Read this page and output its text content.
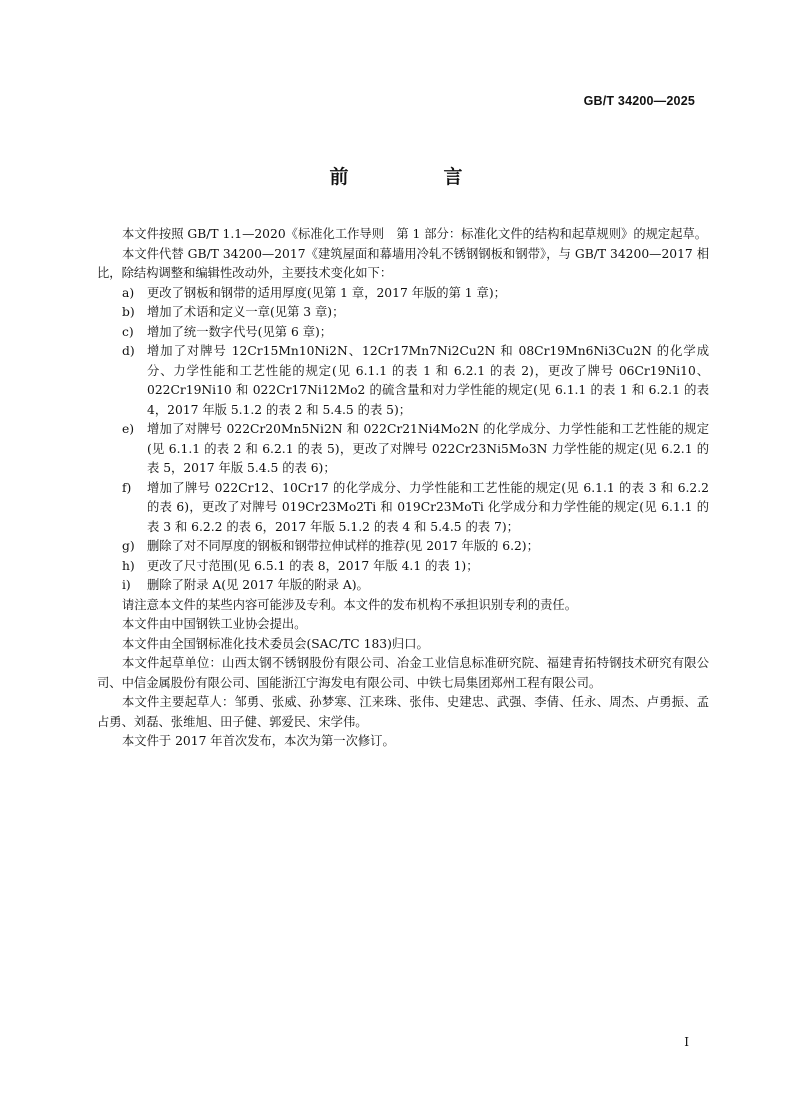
GB/T 34200—2025
前　言

本文件按照 GB/T 1.1—2020《标准化工作导则　第 1 部分：标准化文件的结构和起草规则》的规定起草。

本文件代替 GB/T 34200—2017《建筑屋面和幕墙用冷轧不锈钢钢板和钢带》，与 GB/T 34200—2017 相比，除结构调整和编辑性改动外，主要技术变化如下：

a)	更改了钢板和钢带的适用厚度(见第 1 章，2017 年版的第 1 章)；
b)	增加了术语和定义一章(见第 3 章)；
c)	增加了统一数字代号(见第 6 章)；
d)	增加了对牌号 12Cr15Mn10Ni2N、12Cr17Mn7Ni2Cu2N 和 08Cr19Mn6Ni3Cu2N 的化学成分、力学性能和工艺性能的规定(见 6.1.1 的表 1 和 6.2.1 的表 2)，更改了牌号 06Cr19Ni10、022Cr19Ni10 和 022Cr17Ni12Mo2 的硫含量和对力学性能的规定(见 6.1.1 的表 1 和 6.2.1 的表 4，2017 年版 5.1.2 的表 2 和 5.4.5 的表 5)；
e)	增加了对牌号 022Cr20Mn5Ni2N 和 022Cr21Ni4Mo2N 的化学成分、力学性能和工艺性能的规定(见 6.1.1 的表 2 和 6.2.1 的表 5)，更改了对牌号 022Cr23Ni5Mo3N 力学性能的规定(见 6.2.1 的表 5，2017 年版 5.4.5 的表 6)；
f)	增加了牌号 022Cr12、10Cr17 的化学成分、力学性能和工艺性能的规定(见 6.1.1 的表 3 和 6.2.2 的表 6)，更改了对牌号 019Cr23Mo2Ti 和 019Cr23MoTi 化学成分和力学性能的规定(见 6.1.1 的表 3 和 6.2.2 的表 6，2017 年版 5.1.2 的表 4 和 5.4.5 的表 7)；
g)	删除了对不同厚度的钢板和钢带拉伸试样的推荐(见 2017 年版的 6.2)；
h) 更改了尺寸范围(见 6.5.1 的表 8，2017 年版 4.1 的表 1)；
i)	删除了附录 A(见 2017 年版的附录 A)。

请注意本文件的某些内容可能涉及专利。本文件的发布机构不承担识别专利的责任。

本文件由中国钢铁工业协会提出。

本文件由全国钢标准化技术委员会(SAC/TC 183)归口。

本文件起草单位：山西太钢不锈钢股份有限公司、冶金工业信息标准研究院、福建青拓特钢技术研究有限公司、中信金属股份有限公司、国能浙江宁海发电有限公司、中铁七局集团郑州工程有限公司。

本文件主要起草人：邹勇、张威、孙梦寒、江来珠、张伟、史建忠、武强、李倩、任永、周杰、卢勇振、孟占勇、刘磊、张维旭、田子健、郭爱民、宋学伟。

本文件于 2017 年首次发布，本次为第一次修订。

I
